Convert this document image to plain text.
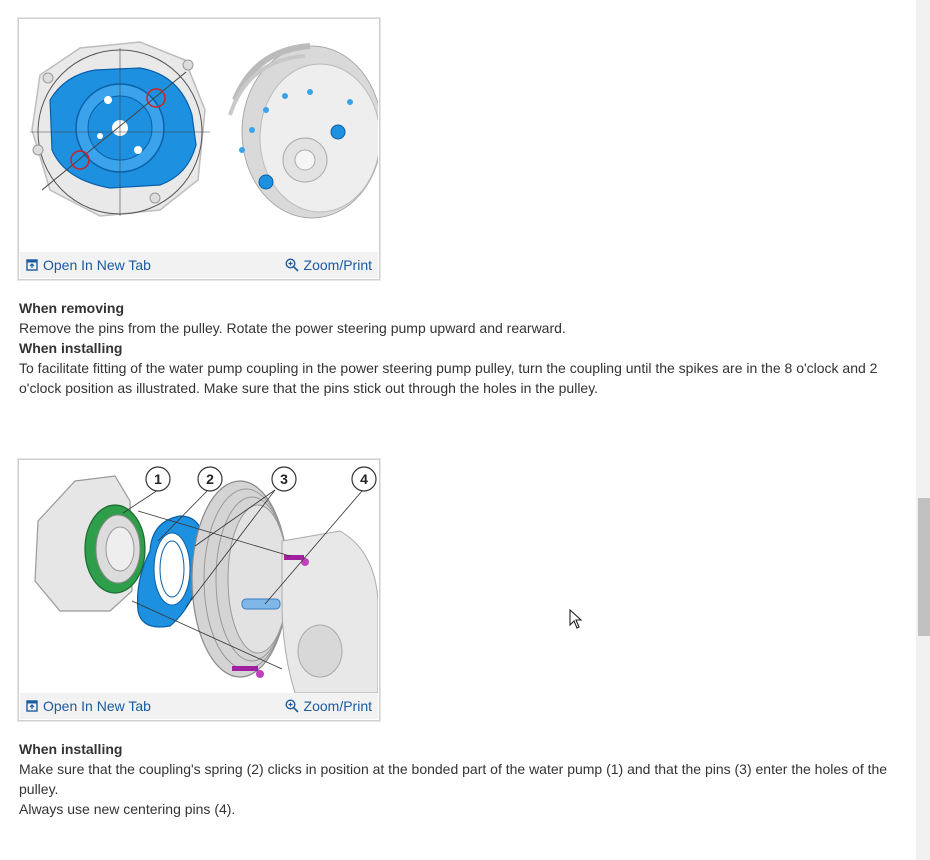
Open In New Tab	Zoom/Print

When removing

Remove the pins from the pulley. Rotate the power steering pump upward and rearward.

When installing

To facilitate fitting of the water pump coupling in the power steering pump pulley, turn the coupling until the spikes are in the 8 o'clock and 2 o'clock position as illustrated. Make sure that the pins stick out through the holes in the pulley.

1	2	3	4
Open In New Tab	Zoom/Print

When installing

Make sure that the coupling's spring (2) clicks in position at the bonded part of the water pump (1) and that the pins (3) enter the holes of the pulley.

Always use new centering pins (4).
